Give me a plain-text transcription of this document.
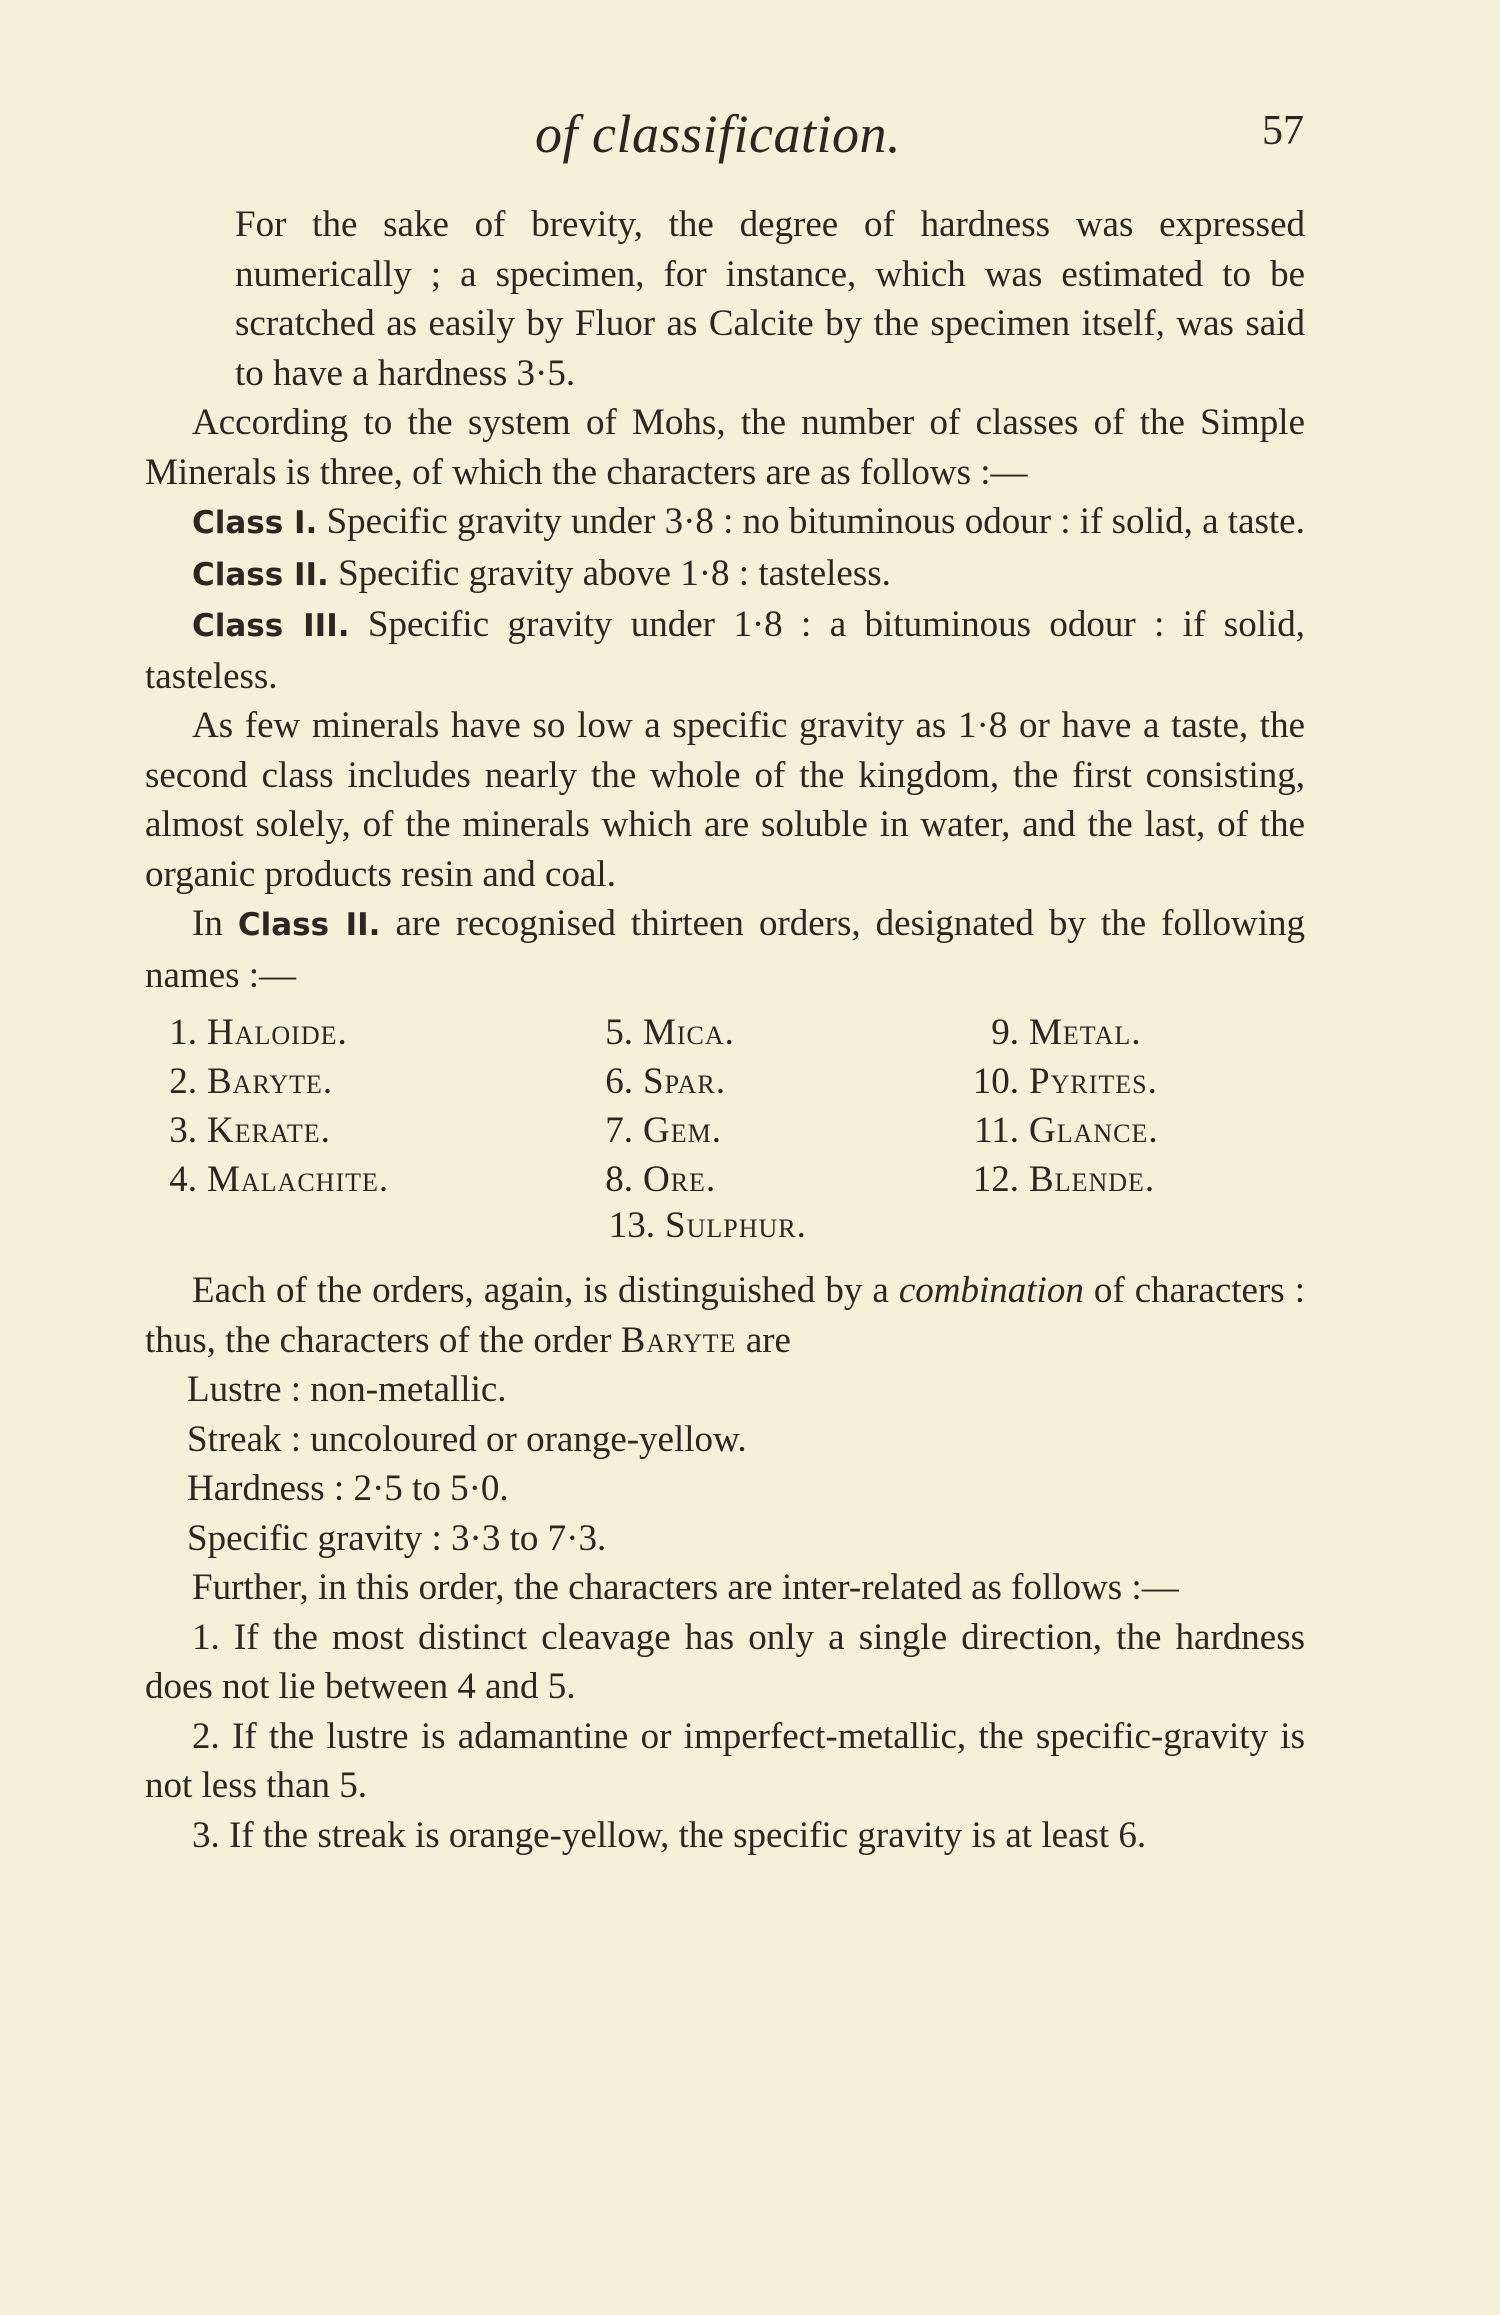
of classification.	57

For the sake of brevity, the degree of hardness was expressed numerically ; a specimen, for instance, which was estimated to be scratched as easily by Fluor as Calcite by the specimen itself, was said to have a hardness 3·5.

According to the system of Mohs, the number of classes of the Simple Minerals is three, of which the characters are as follows :—

Class I. Specific gravity under 3·8 : no bituminous odour : if solid, a taste.

Class II. Specific gravity above 1·8 : tasteless.

Class III. Specific gravity under 1·8 : a bituminous odour : if solid, tasteless.

As few minerals have so low a specific gravity as 1·8 or have a taste, the second class includes nearly the whole of the kingdom, the first consisting, almost solely, of the minerals which are soluble in water, and the last, of the organic products resin and coal.

In Class II. are recognised thirteen orders, designated by the following names :—

1. Haloide.
2. Baryte.
3. Kerate.
4. Malachite.
5. Mica.
6. Spar.
7. Gem.
8. Ore.
9. Metal.
10. Pyrites.
11. Glance.
12. Blende.
13. Sulphur.

Each of the orders, again, is distinguished by a combination of characters : thus, the characters of the order Baryte are

Lustre : non-metallic.

Streak : uncoloured or orange-yellow.

Hardness : 2·5 to 5·0.

Specific gravity : 3·3 to 7·3.

Further, in this order, the characters are inter-related as follows :—

1. If the most distinct cleavage has only a single direction, the hardness does not lie between 4 and 5.

2. If the lustre is adamantine or imperfect-metallic, the specific-gravity is not less than 5.

3. If the streak is orange-yellow, the specific gravity is at least 6.
